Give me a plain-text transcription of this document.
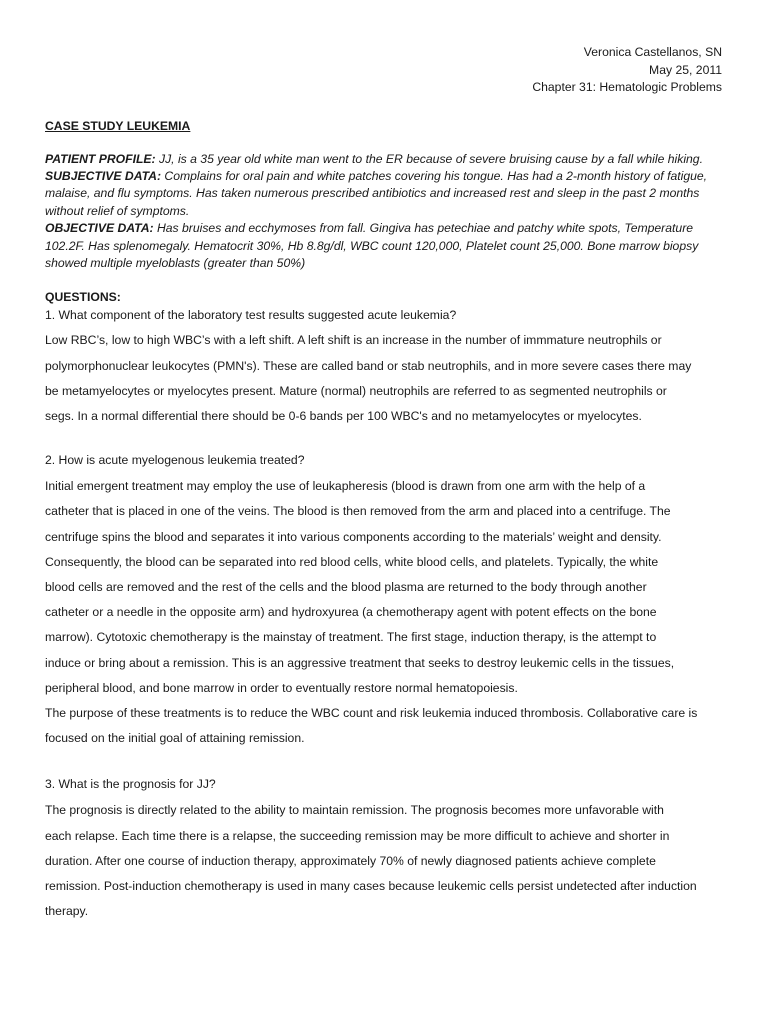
Veronica Castellanos, SN
May 25, 2011
Chapter 31: Hematologic Problems
CASE STUDY LEUKEMIA

PATIENT PROFILE: JJ, is a 35 year old white man went to the ER because of severe bruising cause by a fall while hiking.

SUBJECTIVE DATA: Complains for oral pain and white patches covering his tongue. Has had a 2-month history of fatigue, malaise, and flu symptoms. Has taken numerous prescribed antibiotics and increased rest and sleep in the past 2 months without relief of symptoms.

OBJECTIVE DATA: Has bruises and ecchymoses from fall. Gingiva has petechiae and patchy white spots, Temperature 102.2F. Has splenomegaly. Hematocrit 30%, Hb 8.8g/dl, WBC count 120,000, Platelet count 25,000. Bone marrow biopsy showed multiple myeloblasts (greater than 50%)

QUESTIONS:

1. What component of the laboratory test results suggested acute leukemia?

Low RBC’s, low to high WBC’s with a left shift. A left shift is an increase in the number of immmature neutrophils or

polymorphonuclear leukocytes (PMN's). These are called band or stab neutrophils, and in more severe cases there may

be metamyelocytes or myelocytes present. Mature (normal) neutrophils are referred to as segmented neutrophils or

segs. In a normal differential there should be 0-6 bands per 100 WBC's and no metamyelocytes or myelocytes.

2. How is acute myelogenous leukemia treated?

Initial emergent treatment may employ the use of leukapheresis (blood is drawn from one arm with the help of a

catheter that is placed in one of the veins. The blood is then removed from the arm and placed into a centrifuge. The

centrifuge spins the blood and separates it into various components according to the materials’ weight and density.

Consequently, the blood can be separated into red blood cells, white blood cells, and platelets. Typically, the white

blood cells are removed and the rest of the cells and the blood plasma are returned to the body through another

catheter or a needle in the opposite arm) and hydroxyurea (a chemotherapy agent with potent effects on the bone

marrow). Cytotoxic chemotherapy is the mainstay of treatment. The first stage, induction therapy, is the attempt to

induce or bring about a remission. This is an aggressive treatment that seeks to destroy leukemic cells in the tissues,

peripheral blood, and bone marrow in order to eventually restore normal hematopoiesis.

The purpose of these treatments is to reduce the WBC count and risk leukemia induced thrombosis. Collaborative care is

focused on the initial goal of attaining remission.

3. What is the prognosis for JJ?

The prognosis is directly related to the ability to maintain remission. The prognosis becomes more unfavorable with

each relapse. Each time there is a relapse, the succeeding remission may be more difficult to achieve and shorter in

duration. After one course of induction therapy, approximately 70% of newly diagnosed patients achieve complete

remission. Post-induction chemotherapy is used in many cases because leukemic cells persist undetected after induction

therapy.
